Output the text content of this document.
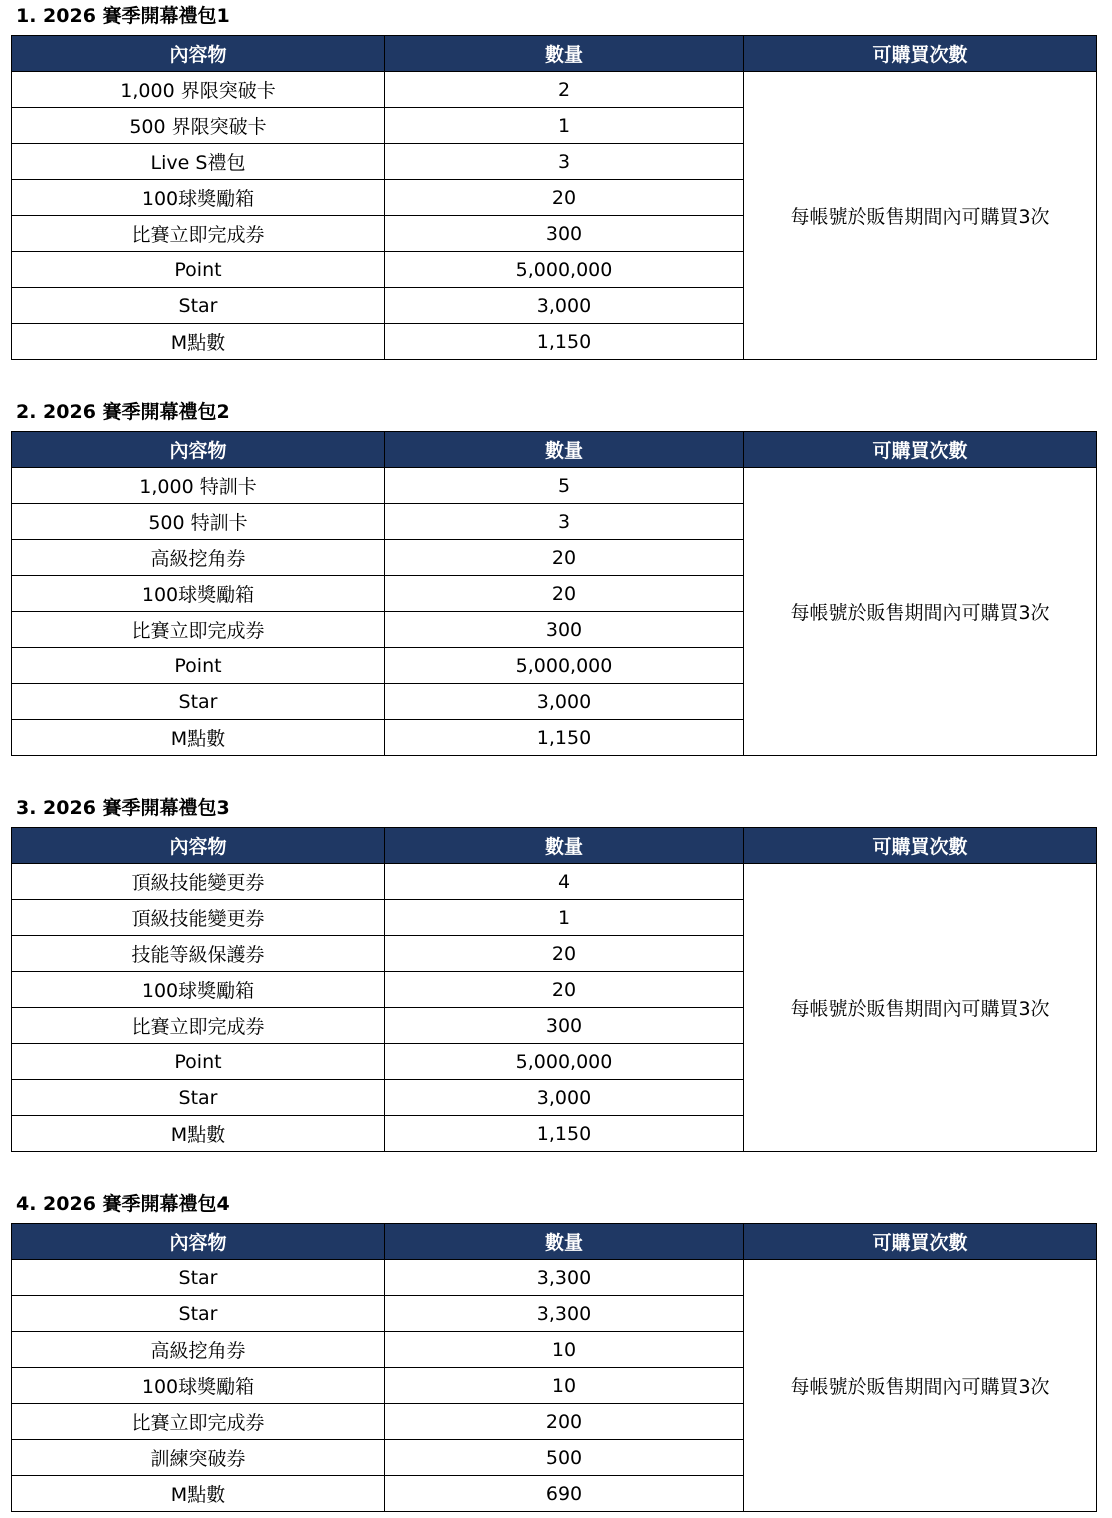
1. 2026 賽季開幕禮包1
內容物	數量	可購買次數
1,000 界限突破卡	2	每帳號於販售期間內可購買3次
500 界限突破卡	1	
Live S禮包	3	
100球獎勵箱	20	
比賽立即完成券	300	
Point	5,000,000	
Star	3,000	
M點數	1,150	
2. 2026 賽季開幕禮包2
內容物	數量	可購買次數
1,000 特訓卡	5	每帳號於販售期間內可購買3次
500 特訓卡	3	
高級挖角券	20	
100球獎勵箱	20	
比賽立即完成券	300	
Point	5,000,000	
Star	3,000	
M點數	1,150	
3. 2026 賽季開幕禮包3
內容物	數量	可購買次數
頂級技能變更券	4	每帳號於販售期間內可購買3次
頂級技能變更券	1	
技能等級保護券	20	
100球獎勵箱	20	
比賽立即完成券	300	
Point	5,000,000	
Star	3,000	
M點數	1,150	
4. 2026 賽季開幕禮包4
內容物	數量	可購買次數
Star	3,300	每帳號於販售期間內可購買3次
Star	3,300	
高級挖角券	10	
100球獎勵箱	10	
比賽立即完成券	200	
訓練突破券	500	
M點數	690	
